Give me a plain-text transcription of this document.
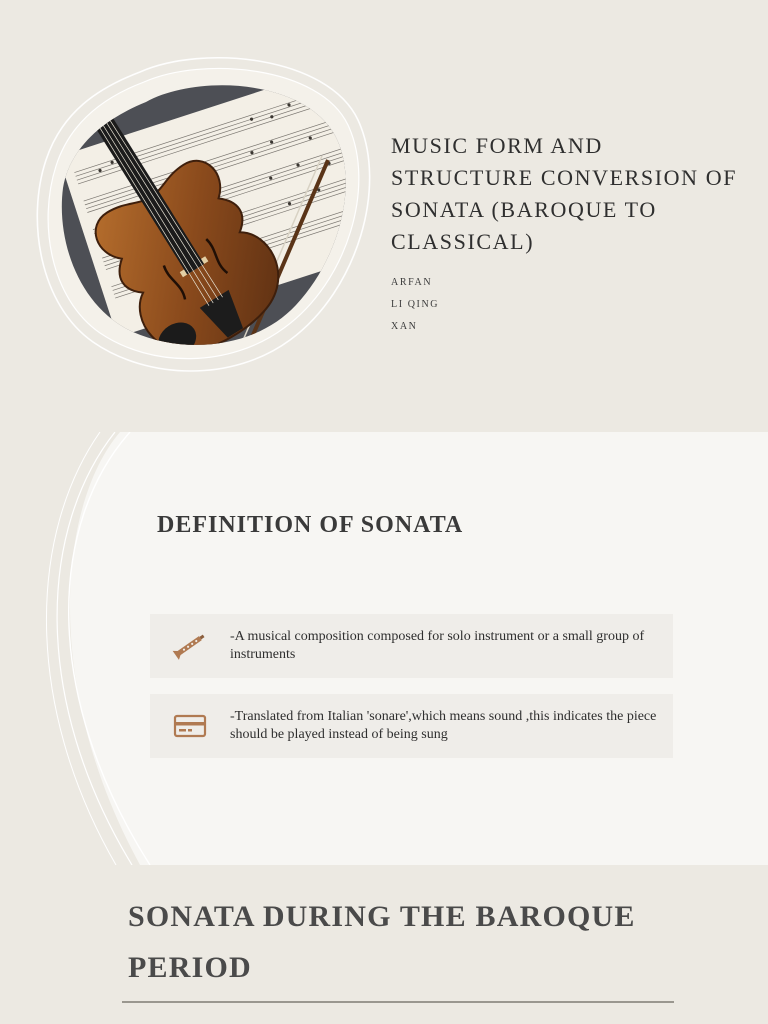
MUSIC FORM AND STRUCTURE CONVERSION OF SONATA (BAROQUE TO CLASSICAL)
ARFAN
LI QING
XAN
DEFINITION OF SONATA
-A musical composition composed for solo instrument or a small group of instruments
-Translated from Italian 'sonare',which means sound ,this indicates the piece should be played instead of being sung
SONATA DURING THE BAROQUE PERIOD
